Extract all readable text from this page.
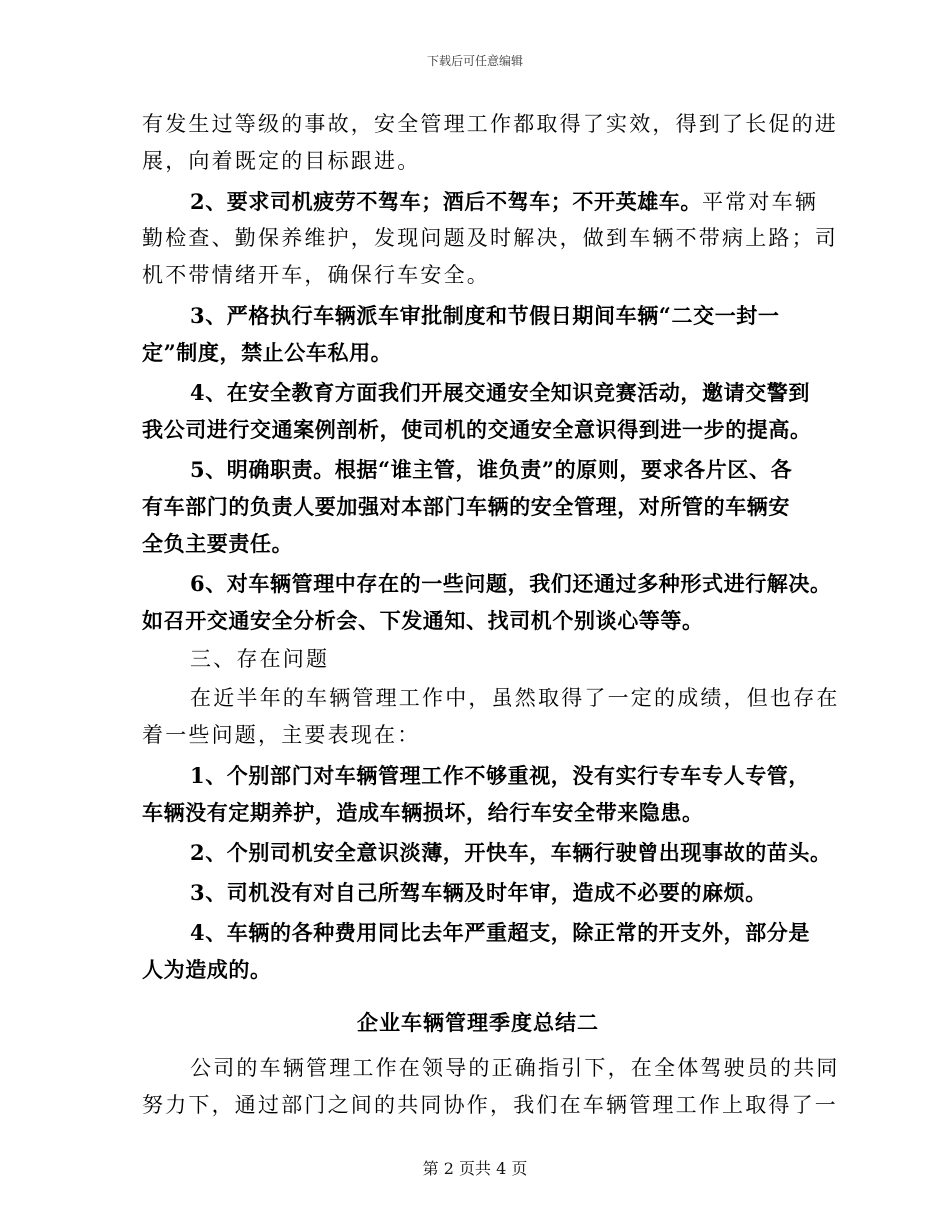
下载后可任意编辑
有发生过等级的事故，安全管理工作都取得了实效，得到了长促的进
展，向着既定的目标跟进。
2、要求司机疲劳不驾车；酒后不驾车；不开英雄车。平常对车辆
勤检查、勤保养维护，发现问题及时解决，做到车辆不带病上路；司
机不带情绪开车，确保行车安全。
3、严格执行车辆派车审批制度和节假日期间车辆“二交一封一
定”制度，禁止公车私用。
4、在安全教育方面我们开展交通安全知识竞赛活动，邀请交警到
我公司进行交通案例剖析，使司机的交通安全意识得到进一步的提高。
5、明确职责。根据“谁主管，谁负责”的原则，要求各片区、各
有车部门的负责人要加强对本部门车辆的安全管理，对所管的车辆安
全负主要责任。
6、对车辆管理中存在的一些问题，我们还通过多种形式进行解决。
如召开交通安全分析会、下发通知、找司机个别谈心等等。
三、存在问题
在近半年的车辆管理工作中，虽然取得了一定的成绩，但也存在
着一些问题，主要表现在：
1、个别部门对车辆管理工作不够重视，没有实行专车专人专管，
车辆没有定期养护，造成车辆损坏，给行车安全带来隐患。
2、个别司机安全意识淡薄，开快车，车辆行驶曾出现事故的苗头。
3、司机没有对自己所驾车辆及时年审，造成不必要的麻烦。
4、车辆的各种费用同比去年严重超支，除正常的开支外，部分是
人为造成的。
企业车辆管理季度总结二
公司的车辆管理工作在领导的正确指引下，在全体驾驶员的共同
努力下，通过部门之间的共同协作，我们在车辆管理工作上取得了一
第 2 页共 4 页
